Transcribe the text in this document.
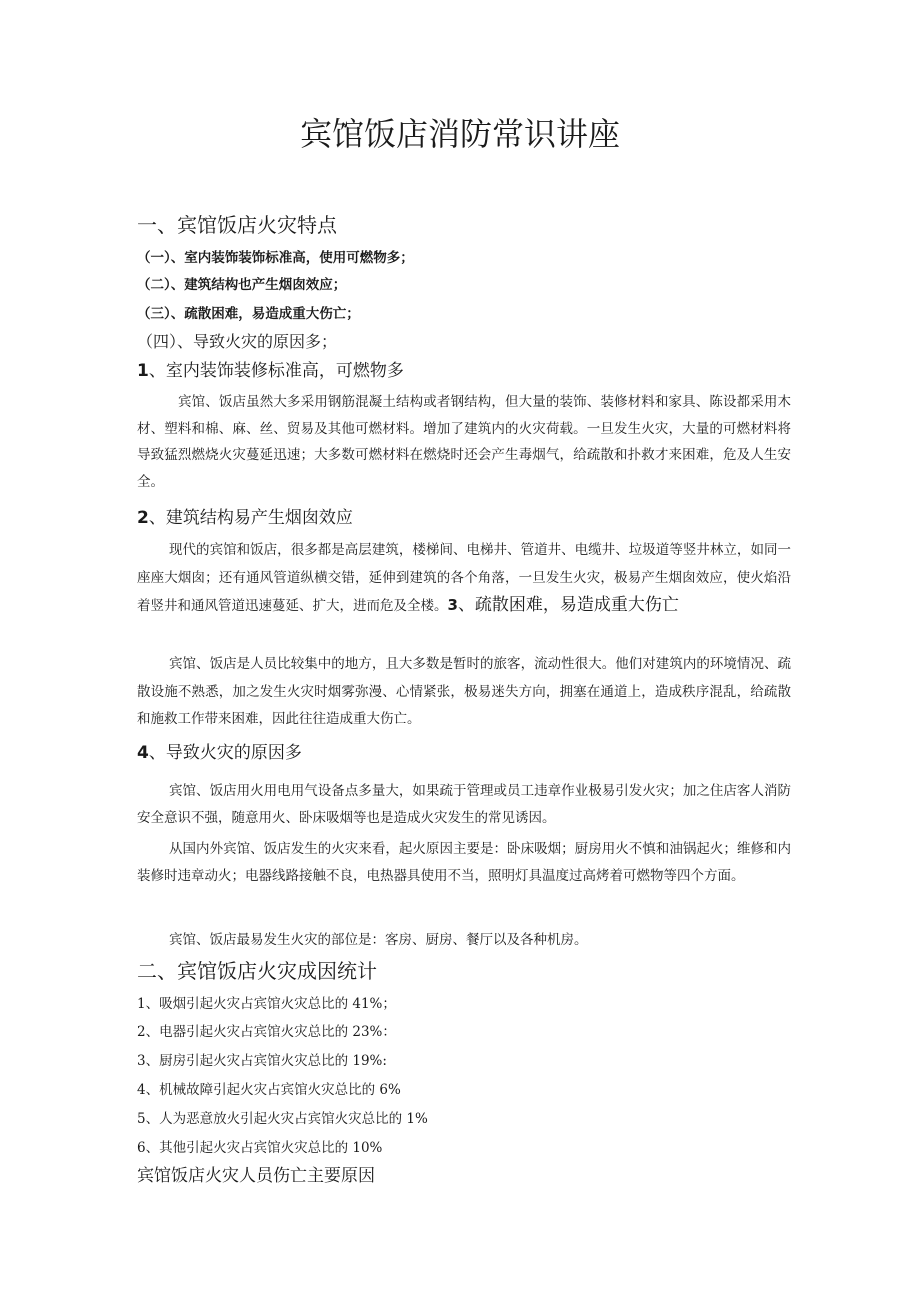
宾馆饭店消防常识讲座
一、宾馆饭店火灾特点
（一）、室内装饰装饰标准高，使用可燃物多；
（二）、建筑结构也产生烟囱效应；
（三）、疏散困难，易造成重大伤亡；
（四）、导致火灾的原因多；
1、室内装饰装修标准高，可燃物多
宾馆、饭店虽然大多采用钢筋混凝土结构或者钢结构，但大量的装饰、装修材料和家具、陈设都采用木材、塑料和棉、麻、丝、贸易及其他可燃材料。增加了建筑内的火灾荷载。一旦发生火灾，大量的可燃材料将导致猛烈燃烧火灾蔓延迅速；大多数可燃材料在燃烧时还会产生毒烟气，给疏散和扑救才来困难，危及人生安全。
2、建筑结构易产生烟囱效应
现代的宾馆和饭店，很多都是高层建筑，楼梯间、电梯井、管道井、电缆井、垃圾道等竖井林立，如同一座座大烟囱；还有通风管道纵横交错，延伸到建筑的各个角落，一旦发生火灾，极易产生烟囱效应，使火焰沿着竖井和通风管道迅速蔓延、扩大，进而危及全楼。3、疏散困难，易造成重大伤亡
宾馆、饭店是人员比较集中的地方，且大多数是暂时的旅客，流动性很大。他们对建筑内的环境情况、疏散设施不熟悉，加之发生火灾时烟雾弥漫、心情紧张，极易迷失方向，拥塞在通道上，造成秩序混乱，给疏散和施救工作带来困难，因此往往造成重大伤亡。
4、导致火灾的原因多
宾馆、饭店用火用电用气设备点多量大，如果疏于管理或员工违章作业极易引发火灾；加之住店客人消防安全意识不强，随意用火、卧床吸烟等也是造成火灾发生的常见诱因。
从国内外宾馆、饭店发生的火灾来看，起火原因主要是：卧床吸烟；厨房用火不慎和油锅起火；维修和内装修时违章动火；电器线路接触不良，电热器具使用不当，照明灯具温度过高烤着可燃物等四个方面。
宾馆、饭店最易发生火灾的部位是：客房、厨房、餐厅以及各种机房。
二、宾馆饭店火灾成因统计
1、吸烟引起火灾占宾馆火灾总比的 41%；
2、电器引起火灾占宾馆火灾总比的 23%：
3、厨房引起火灾占宾馆火灾总比的 19%:
4、机械故障引起火灾占宾馆火灾总比的 6%
5、人为恶意放火引起火灾占宾馆火灾总比的 1%
6、其他引起火灾占宾馆火灾总比的 10%
宾馆饭店火灾人员伤亡主要原因
